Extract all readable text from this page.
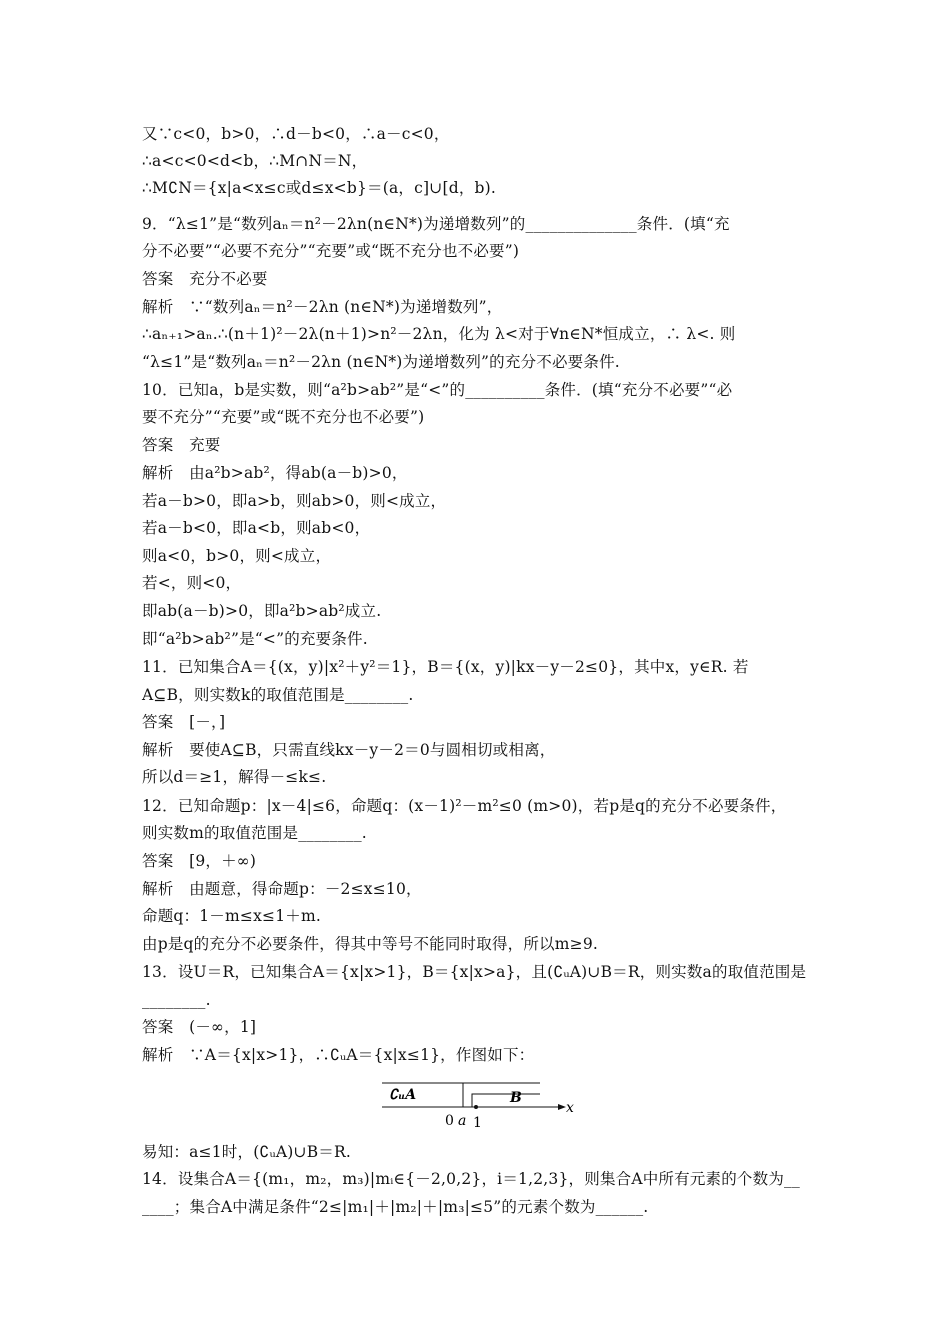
又∵c<0，b>0，∴d－b<0，∴a－c<0，
∴a<c<0<d<b，∴M∩N＝N，
∴M∁N＝{x|a<x≤c或d≤x<b}＝(a，c]∪[d，b).
9．“λ≤1”是“数列aₙ＝n²－2λn(n∈N*)为递增数列”的______________条件．(填“充
分不必要”“必要不充分”“充要”或“既不充分也不必要”)
答案　充分不必要
解析　∵“数列aₙ＝n²－2λn (n∈N*)为递增数列”，
∴aₙ₊₁>aₙ.∴(n＋1)²－2λ(n＋1)>n²－2λn，化为 λ<对于∀n∈N*恒成立，∴ λ<. 则
“λ≤1”是“数列aₙ＝n²－2λn (n∈N*)为递增数列”的充分不必要条件.
10．已知a，b是实数，则“a²b>ab²”是“<”的__________条件．(填“充分不必要”“必
要不充分”“充要”或“既不充分也不必要”)
答案　充要
解析　由a²b>ab²，得ab(a－b)>0，
若a－b>0，即a>b，则ab>0，则<成立，
若a－b<0，即a<b，则ab<0，
则a<0，b>0，则<成立，
若<，则<0，
即ab(a－b)>0，即a²b>ab²成立.
即“a²b>ab²”是“<”的充要条件.
11．已知集合A＝{(x，y)|x²＋y²＝1}，B＝{(x，y)|kx－y－2≤0}，其中x，y∈R. 若
A⊆B，则实数k的取值范围是________.
答案　[－，]
解析　要使A⊆B，只需直线kx－y－2＝0与圆相切或相离，
所以d＝≥1，解得－≤k≤.
12．已知命题p：|x－4|≤6，命题q：(x－1)²－m²≤0 (m>0)，若p是q的充分不必要条件，
则实数m的取值范围是________.
答案　[9，＋∞)
解析　由题意，得命题p：－2≤x≤10，
命题q：1－m≤x≤1＋m.
由p是q的充分不必要条件，得其中等号不能同时取得，所以m≥9.
13．设U＝R，已知集合A＝{x|x>1}，B＝{x|x>a}，且(∁ᵤA)∪B＝R，则实数a的取值范围是
________.
答案　(－∞，1]
解析　∵A＝{x|x>1}，∴∁ᵤA＝{x|x≤1}，作图如下：
∁ᵤA	B
x
0 a 1
易知：a≤1时，(∁ᵤA)∪B＝R.
14．设集合A＝{(m₁，m₂，m₃)|mᵢ∈{－2,0,2}，i＝1,2,3}，则集合A中所有元素的个数为__
____；集合A中满足条件“2≤|m₁|＋|m₂|＋|m₃|≤5”的元素个数为______.
